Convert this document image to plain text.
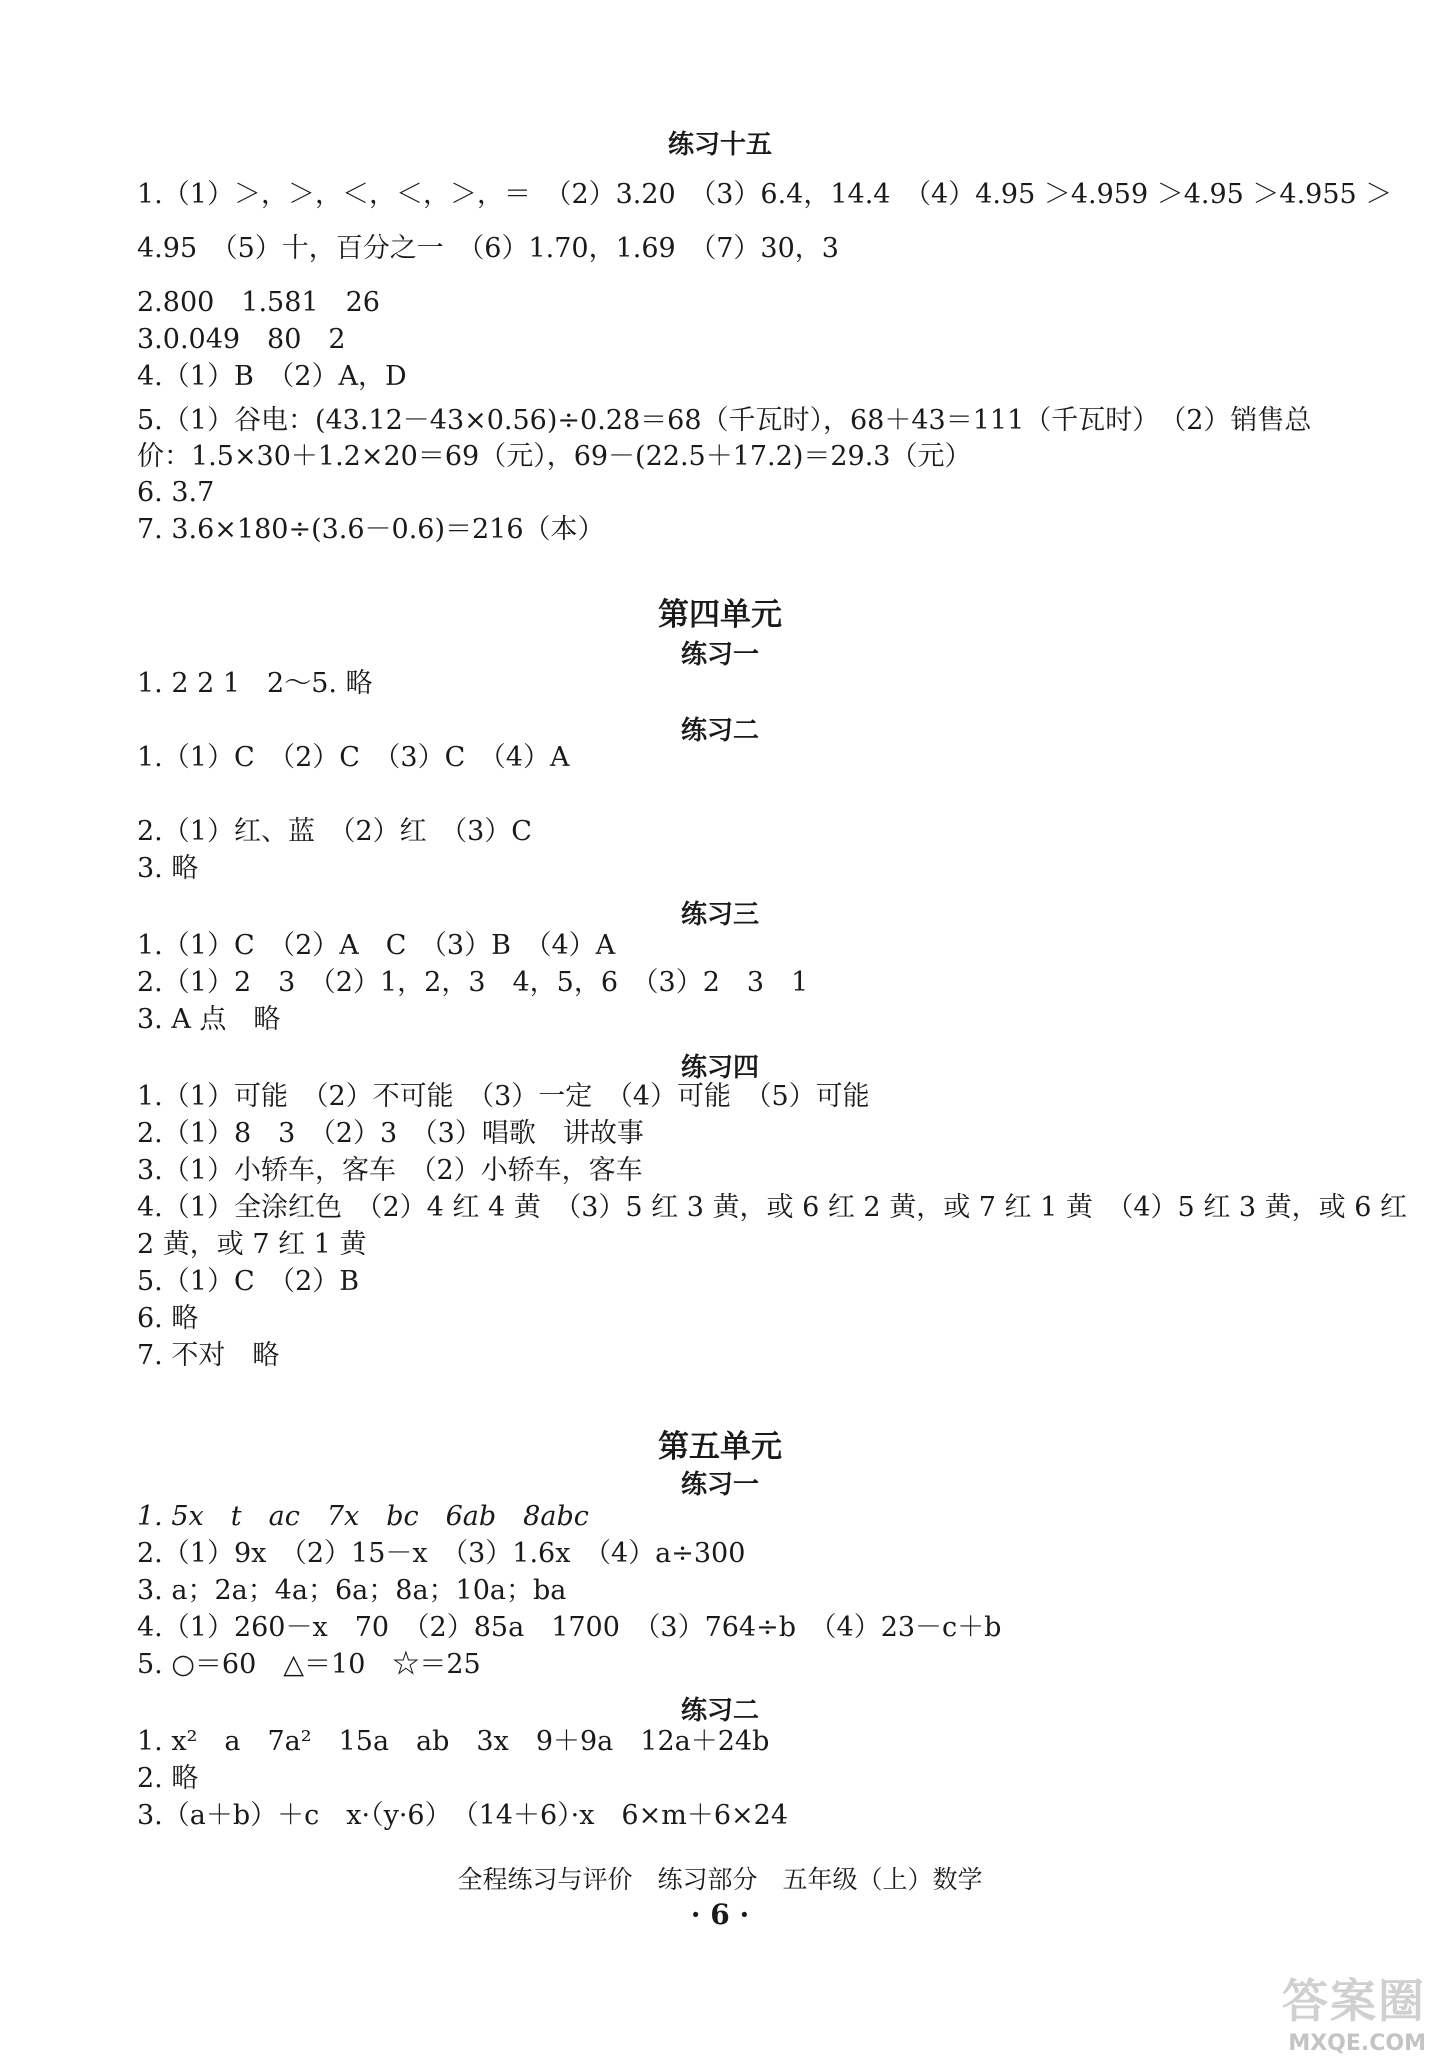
练习十五
1.（1）＞，＞，＜，＜，＞，＝　（2）3.20　（3）6.4，14.4　（4）4.95 ＞4.959 ＞4.95 ＞4.955 ＞
4.95　（5）十，百分之一　（6）1.70，1.69　（7）30，3
2.800　1.581　26
3.0.049　80　2
4.（1）B　（2）A，D
5.（1）谷电：(43.12－43×0.56)÷0.28＝68（千瓦时），68＋43＝111（千瓦时）　（2）销售总
价：1.5×30＋1.2×20＝69（元），69－(22.5＋17.2)＝29.3（元）
6. 3.7
7. 3.6×180÷(3.6－0.6)＝216（本）
第四单元
练习一
1. 2 2 1　2～5. 略
练习二
1.（1）C　（2）C　（3）C　（4）A
2.（1）红、蓝　（2）红　（3）C
3. 略
练习三
1.（1）C　（2）A　C　（3）B　（4）A
2.（1）2　3　（2）1，2，3　4，5，6　（3）2　3　1
3. A 点　略
练习四
1.（1）可能　（2）不可能　（3）一定　（4）可能　（5）可能
2.（1）8　3　（2）3　（3）唱歌　讲故事
3.（1）小轿车，客车　（2）小轿车，客车
4.（1）全涂红色　（2）4 红 4 黄　（3）5 红 3 黄，或 6 红 2 黄，或 7 红 1 黄　（4）5 红 3 黄，或 6 红
2 黄，或 7 红 1 黄
5.（1）C　（2）B
6. 略
7. 不对　略
第五单元
练习一
1. 5x　t　ac　7x　bc　6ab　8abc
2.（1）9x　（2）15－x　（3）1.6x　（4）a÷300
3. a；2a；4a；6a；8a；10a；ba
4.（1）260－x　70　（2）85a　1700　（3）764÷b　（4）23－c＋b
5. ○＝60　△＝10　☆＝25
练习二
1. x²　a　7a²　15a　ab　3x　9＋9a　12a＋24b
2. 略
3.（a＋b）＋c　x·（y·6）　（14＋6）·x　6×m＋6×24
全程练习与评价　练习部分　五年级（上）数学
· 6 ·
答案圈
MXQE.COM
